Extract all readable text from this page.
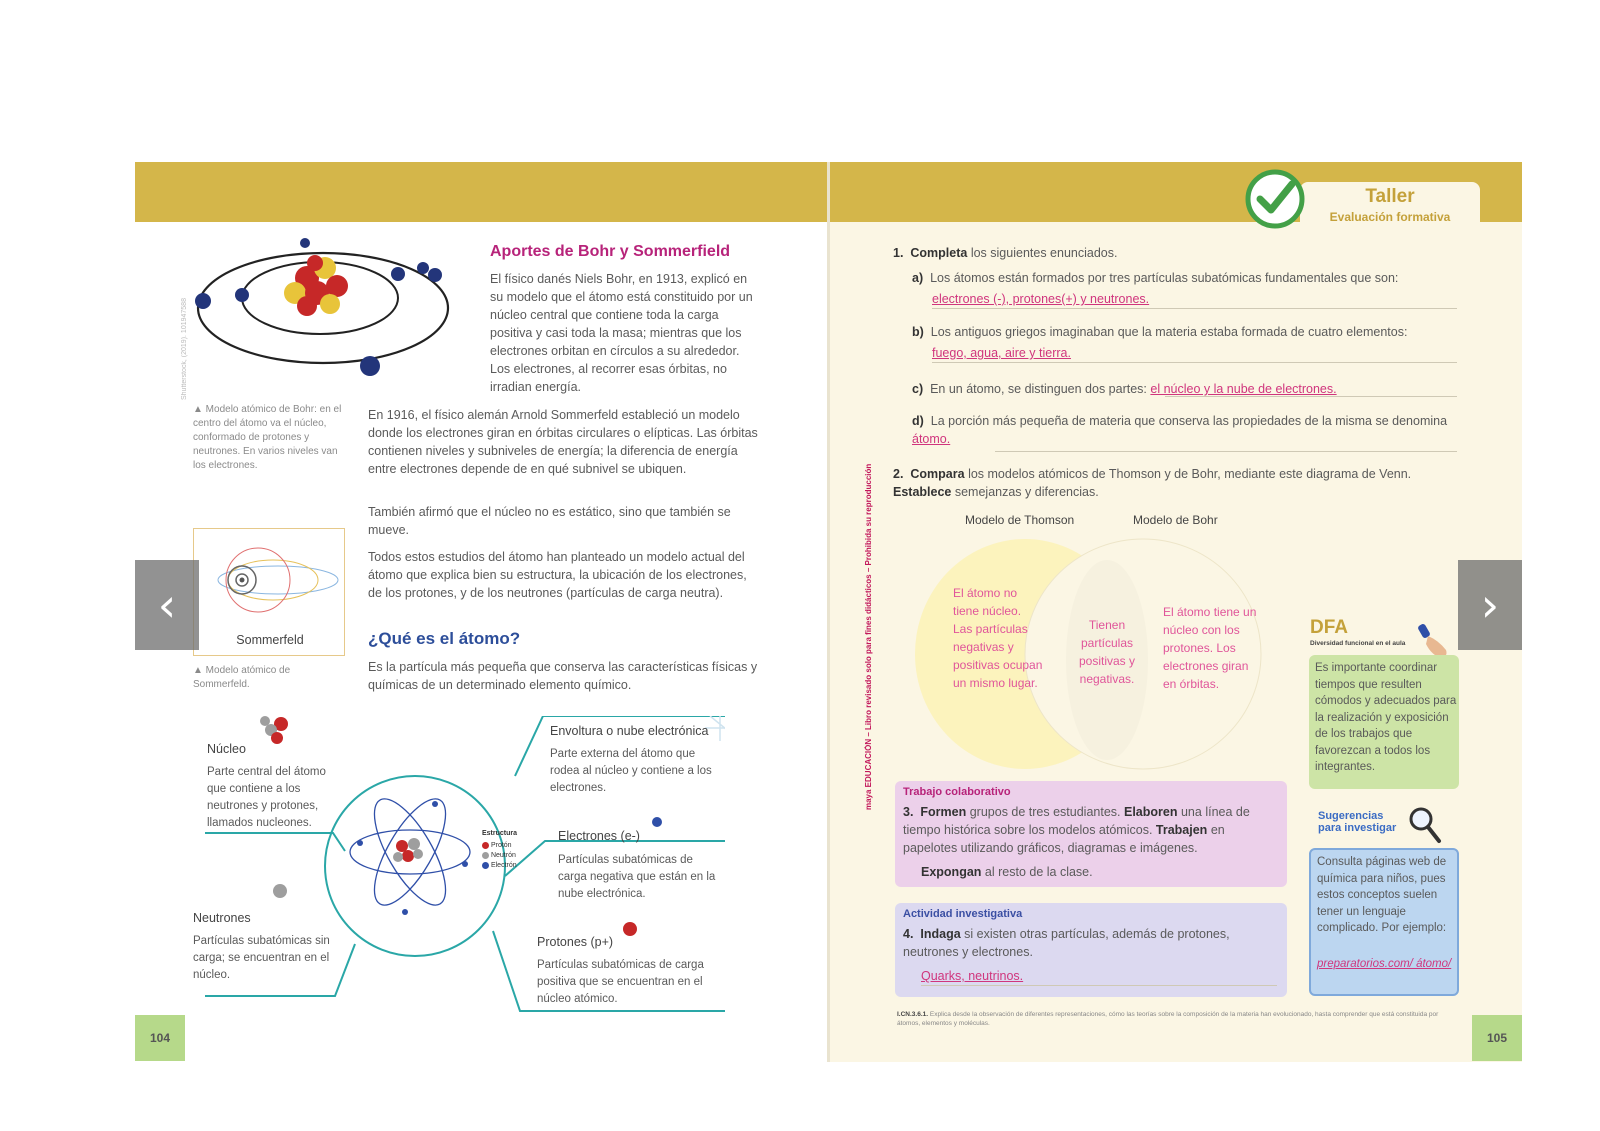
Shutterstock, (2019). 101947588
▲ Modelo atómico de Bohr: en el centro del átomo va el núcleo, conformado de protones y neutrones. En varios niveles van los electrones.
Aportes de Bohr y Sommerfield
El físico danés Niels Bohr, en 1913, explicó en su modelo que el átomo está constituido por un núcleo central que contiene toda la carga positiva y casi toda la masa; mientras que los electrones orbitan en círculos a su alrededor. Los electrones, al recorrer esas órbitas, no irradian energía.
En 1916, el físico alemán Arnold Sommerfeld estableció un modelo donde los electrones giran en órbitas circulares o elípticas. Las órbitas contienen niveles y subniveles de energía; la diferencia de energía entre electrones depende de en qué subnivel se ubiquen.
También afirmó que el núcleo no es estático, sino que también se mueve.
Todos estos estudios del átomo han planteado un modelo actual del átomo que explica bien su estructura, la ubicación de los electrones, de los protones, y de los neutrones (partículas de carga neutra).
Sommerfeld
▲ Modelo atómico de Sommerfeld.
¿Qué es el átomo?
Es la partícula más pequeña que conserva las características físicas y químicas de un determinado elemento químico.
Estructura
Protón
Neutrón
Electrón
Núcleo
Parte central del átomo que contiene a los neutrones y protones, llamados nucleones.
Neutrones
Partículas subatómicas sin carga; se encuentran en el núcleo.
Envoltura o nube electrónica
Parte externa del átomo que rodea al núcleo y contiene a los electrones.
Electrones (e-)
Partículas subatómicas de carga negativa que están en la nube electrónica.
Protones (p+)
Partículas subatómicas de carga positiva que se encuentran en el núcleo atómico.
104
Taller
Evaluación formativa
maya EDUCACIÓN – Libro revisado solo para fines didácticos – Prohibida su reproducción
1. Completa los siguientes enunciados.
a) Los átomos están formados por tres partículas subatómicas fundamentales que son:
electrones (-), protones(+) y neutrones.
b) Los antiguos griegos imaginaban que la materia estaba formada de cuatro elementos:
fuego, agua, aire y tierra.
c) En un átomo, se distinguen dos partes: el núcleo y la nube de electrones.
d) La porción más pequeña de materia que conserva las propiedades de la misma se denomina átomo.
2. Compara los modelos atómicos de Thomson y de Bohr, mediante este diagrama de Venn. Establece semejanzas y diferencias.
Modelo de Thomson	Modelo de Bohr
El átomo no tiene núcleo. Las partículas negativas y positivas ocupan un mismo lugar.
Tienen partículas positivas y negativas.
El átomo tiene un núcleo con los protones. Los electrones giran en órbitas.
Trabajo colaborativo
3. Formen grupos de tres estudiantes. Elaboren una línea de tiempo histórica sobre los modelos atómicos. Trabajen en papelotes utilizando gráficos, diagramas e imágenes.
Expongan al resto de la clase.
Actividad investigativa
4. Indaga si existen otras partículas, además de protones, neutrones y electrones.
Quarks, neutrinos.
DFA
Diversidad funcional en el aula
Es importante coordinar tiempos que resulten cómodos y adecuados para la realización y exposición de los trabajos que favorezcan a todos los integrantes.
Sugerencias para investigar
Consulta páginas web de química para niños, pues estos conceptos suelen tener un lenguaje complicado. Por ejemplo:
preparatorios.com/ átomo/
I.CN.3.6.1. Explica desde la observación de diferentes representaciones, cómo las teorías sobre la composición de la materia han evolucionado, hasta comprender que está constituida por átomos, elementos y moléculas.
105
‹	›
